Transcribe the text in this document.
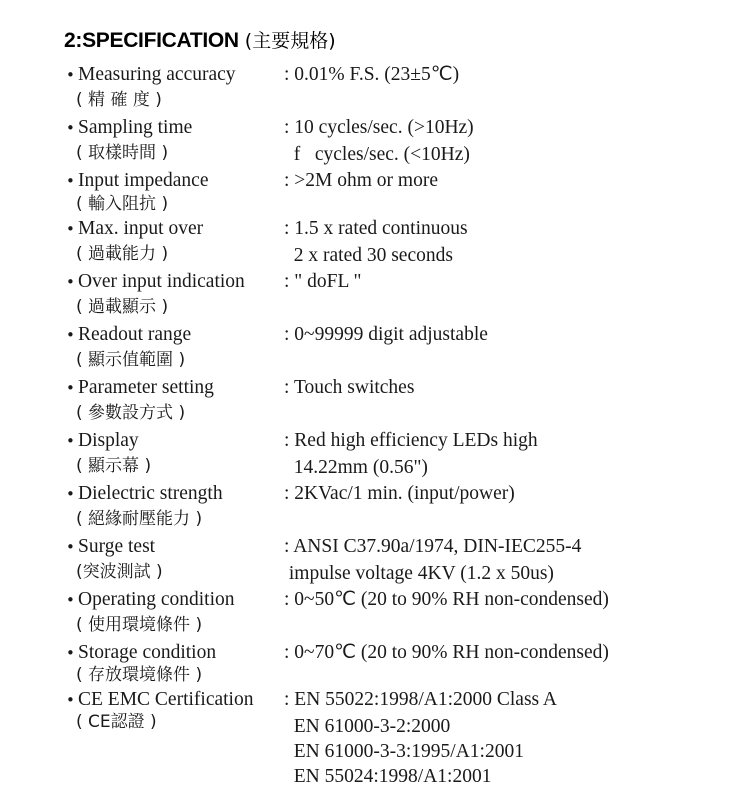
2:SPECIFICATION (主要規格)
• Measuring accuracy
( 精 確 度 )
: 0.01% F.S. (23±5℃)
• Sampling time
( 取樣時間 )
: 10 cycles/sec. (>10Hz)
f   cycles/sec. (<10Hz)
• Input impedance
( 輸入阻抗 )
: >2M ohm or more
• Max. input over
( 過載能力 )
: 1.5 x rated continuous
2 x rated 30 seconds
• Over input indication
( 過載顯示 )
: " doFL "
• Readout range
( 顯示值範圍 )
: 0~99999 digit adjustable
• Parameter setting
( 參數設方式 )
: Touch switches
• Display
( 顯示幕 )
: Red high efficiency LEDs high
14.22mm (0.56")
• Dielectric strength
( 絕緣耐壓能力 )
: 2KVac/1 min. (input/power)
• Surge test
(突波測試 )
: ANSI C37.90a/1974, DIN-IEC255-4
impulse voltage 4KV (1.2 x 50us)
• Operating condition
( 使用環境條件 )
: 0~50℃ (20 to 90% RH non-condensed)
• Storage condition
( 存放環境條件 )
: 0~70℃ (20 to 90% RH non-condensed)
• CE EMC Certification
( CE認證 )
: EN 55022:1998/A1:2000 Class A
EN 61000-3-2:2000
EN 61000-3-3:1995/A1:2001
EN 55024:1998/A1:2001
